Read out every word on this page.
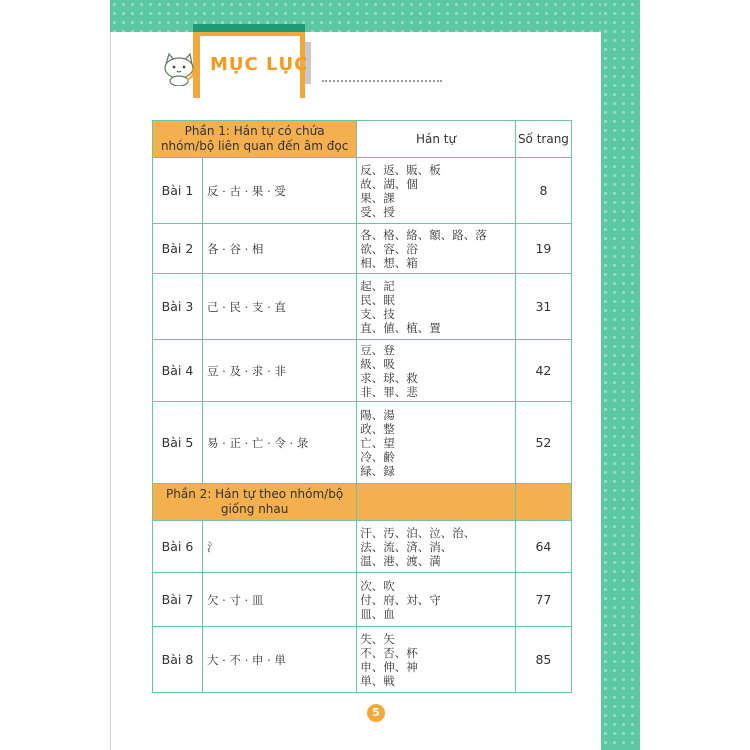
MỤC LỤC
Phần 1: Hán tự có chứa nhóm/bộ liên quan đến âm đọc		Hán tự	Số trang
Bài 1	反 · 古 · 果 · 受	反、返、販、板
故、湖、個
果、課
受、授	8
Bài 2	各 · 谷 · 相	各、格、絡、額、路、落
欲、容、浴
相、想、箱	19
Bài 3	己 · 民 · 支 · 直	起、記
民、眠
支、技
直、値、植、置	31
Bài 4	豆 · 及 · 求 · 非	豆、登
級、吸
求、球、救
非、罪、悲	42
Bài 5	易 · 正 · 亡 · 令 · 彔	陽、湯
政、整
亡、望
冷、齢
緑、録	52
Phần 2: Hán tự theo nhóm/bộ giống nhau			
Bài 6	氵	汗、汚、泊、泣、治、
法、流、済、消、
温、港、渡、満	64
Bài 7	欠 · 寸 · 皿	次、吹
付、府、対、守
皿、血	77
Bài 8	大 · 不 · 申 · 単	失、矢
不、否、杯
申、伸、神
単、戦	85
5
